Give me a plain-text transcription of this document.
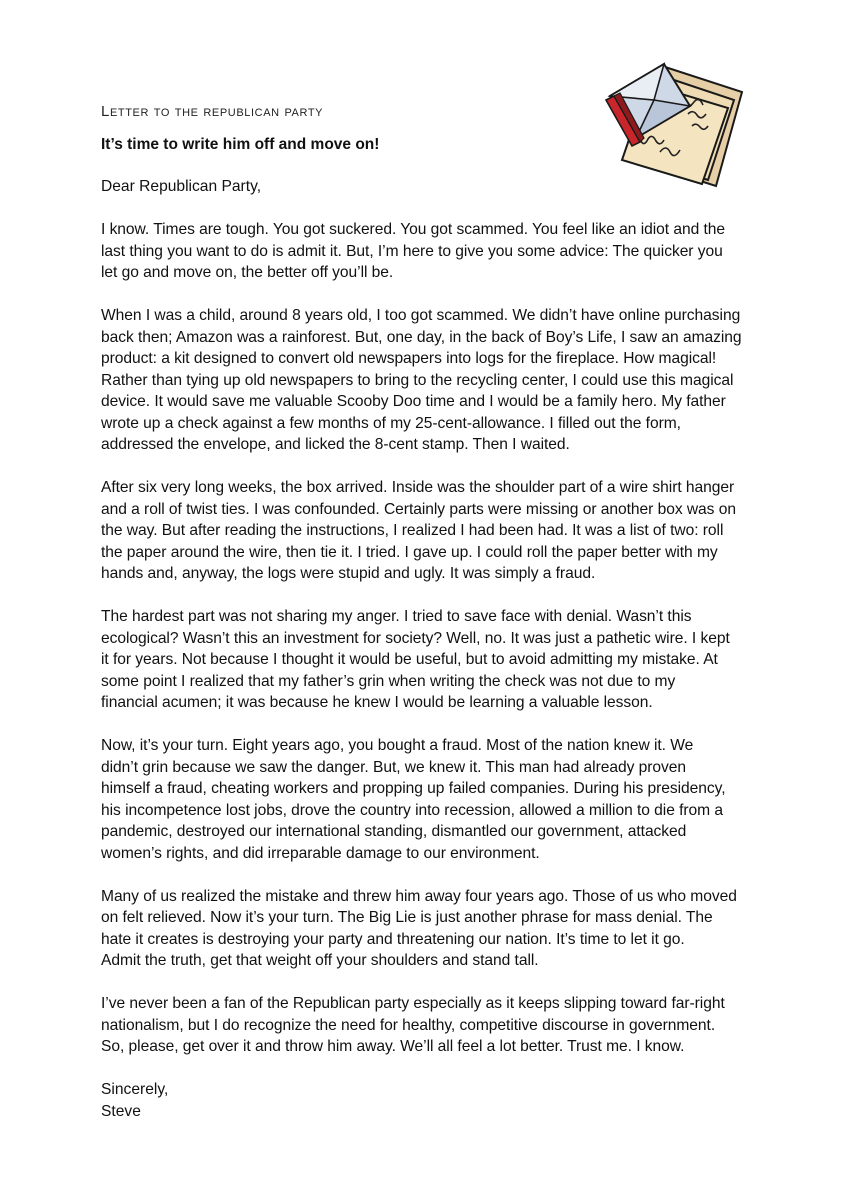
Letter to the republican party
It’s time to write him off and move on!
Dear Republican Party,
I know. Times are tough. You got suckered. You got scammed. You feel like an idiot and the
last thing you want to do is admit it. But, I’m here to give you some advice: The quicker you
let go and move on, the better off you’ll be.
When I was a child, around 8 years old, I too got scammed. We didn’t have online purchasing
back then; Amazon was a rainforest. But, one day, in the back of Boy’s Life, I saw an amazing
product: a kit designed to convert old newspapers into logs for the fireplace. How magical!
Rather than tying up old newspapers to bring to the recycling center, I could use this magical
device. It would save me valuable Scooby Doo time and I would be a family hero. My father
wrote up a check against a few months of my 25-cent-allowance. I filled out the form,
addressed the envelope, and licked the 8-cent stamp. Then I waited.
After six very long weeks, the box arrived. Inside was the shoulder part of a wire shirt hanger
and a roll of twist ties. I was confounded. Certainly parts were missing or another box was on
the way. But after reading the instructions, I realized I had been had. It was a list of two: roll
the paper around the wire, then tie it. I tried. I gave up. I could roll the paper better with my
hands and, anyway, the logs were stupid and ugly. It was simply a fraud.
The hardest part was not sharing my anger. I tried to save face with denial. Wasn’t this
ecological? Wasn’t this an investment for society? Well, no. It was just a pathetic wire. I kept
it for years. Not because I thought it would be useful, but to avoid admitting my mistake. At
some point I realized that my father’s grin when writing the check was not due to my
financial acumen; it was because he knew I would be learning a valuable lesson.
Now, it’s your turn. Eight years ago, you bought a fraud. Most of the nation knew it. We
didn’t grin because we saw the danger. But, we knew it. This man had already proven
himself a fraud, cheating workers and propping up failed companies. During his presidency,
his incompetence lost jobs, drove the country into recession, allowed a million to die from a
pandemic, destroyed our international standing, dismantled our government, attacked
women’s rights, and did irreparable damage to our environment.
Many of us realized the mistake and threw him away four years ago. Those of us who moved
on felt relieved. Now it’s your turn. The Big Lie is just another phrase for mass denial. The
hate it creates is destroying your party and threatening our nation. It’s time to let it go.
Admit the truth, get that weight off your shoulders and stand tall.
I’ve never been a fan of the Republican party especially as it keeps slipping toward far-right
nationalism, but I do recognize the need for healthy, competitive discourse in government.
So, please, get over it and throw him away. We’ll all feel a lot better. Trust me. I know.
Sincerely,
Steve
